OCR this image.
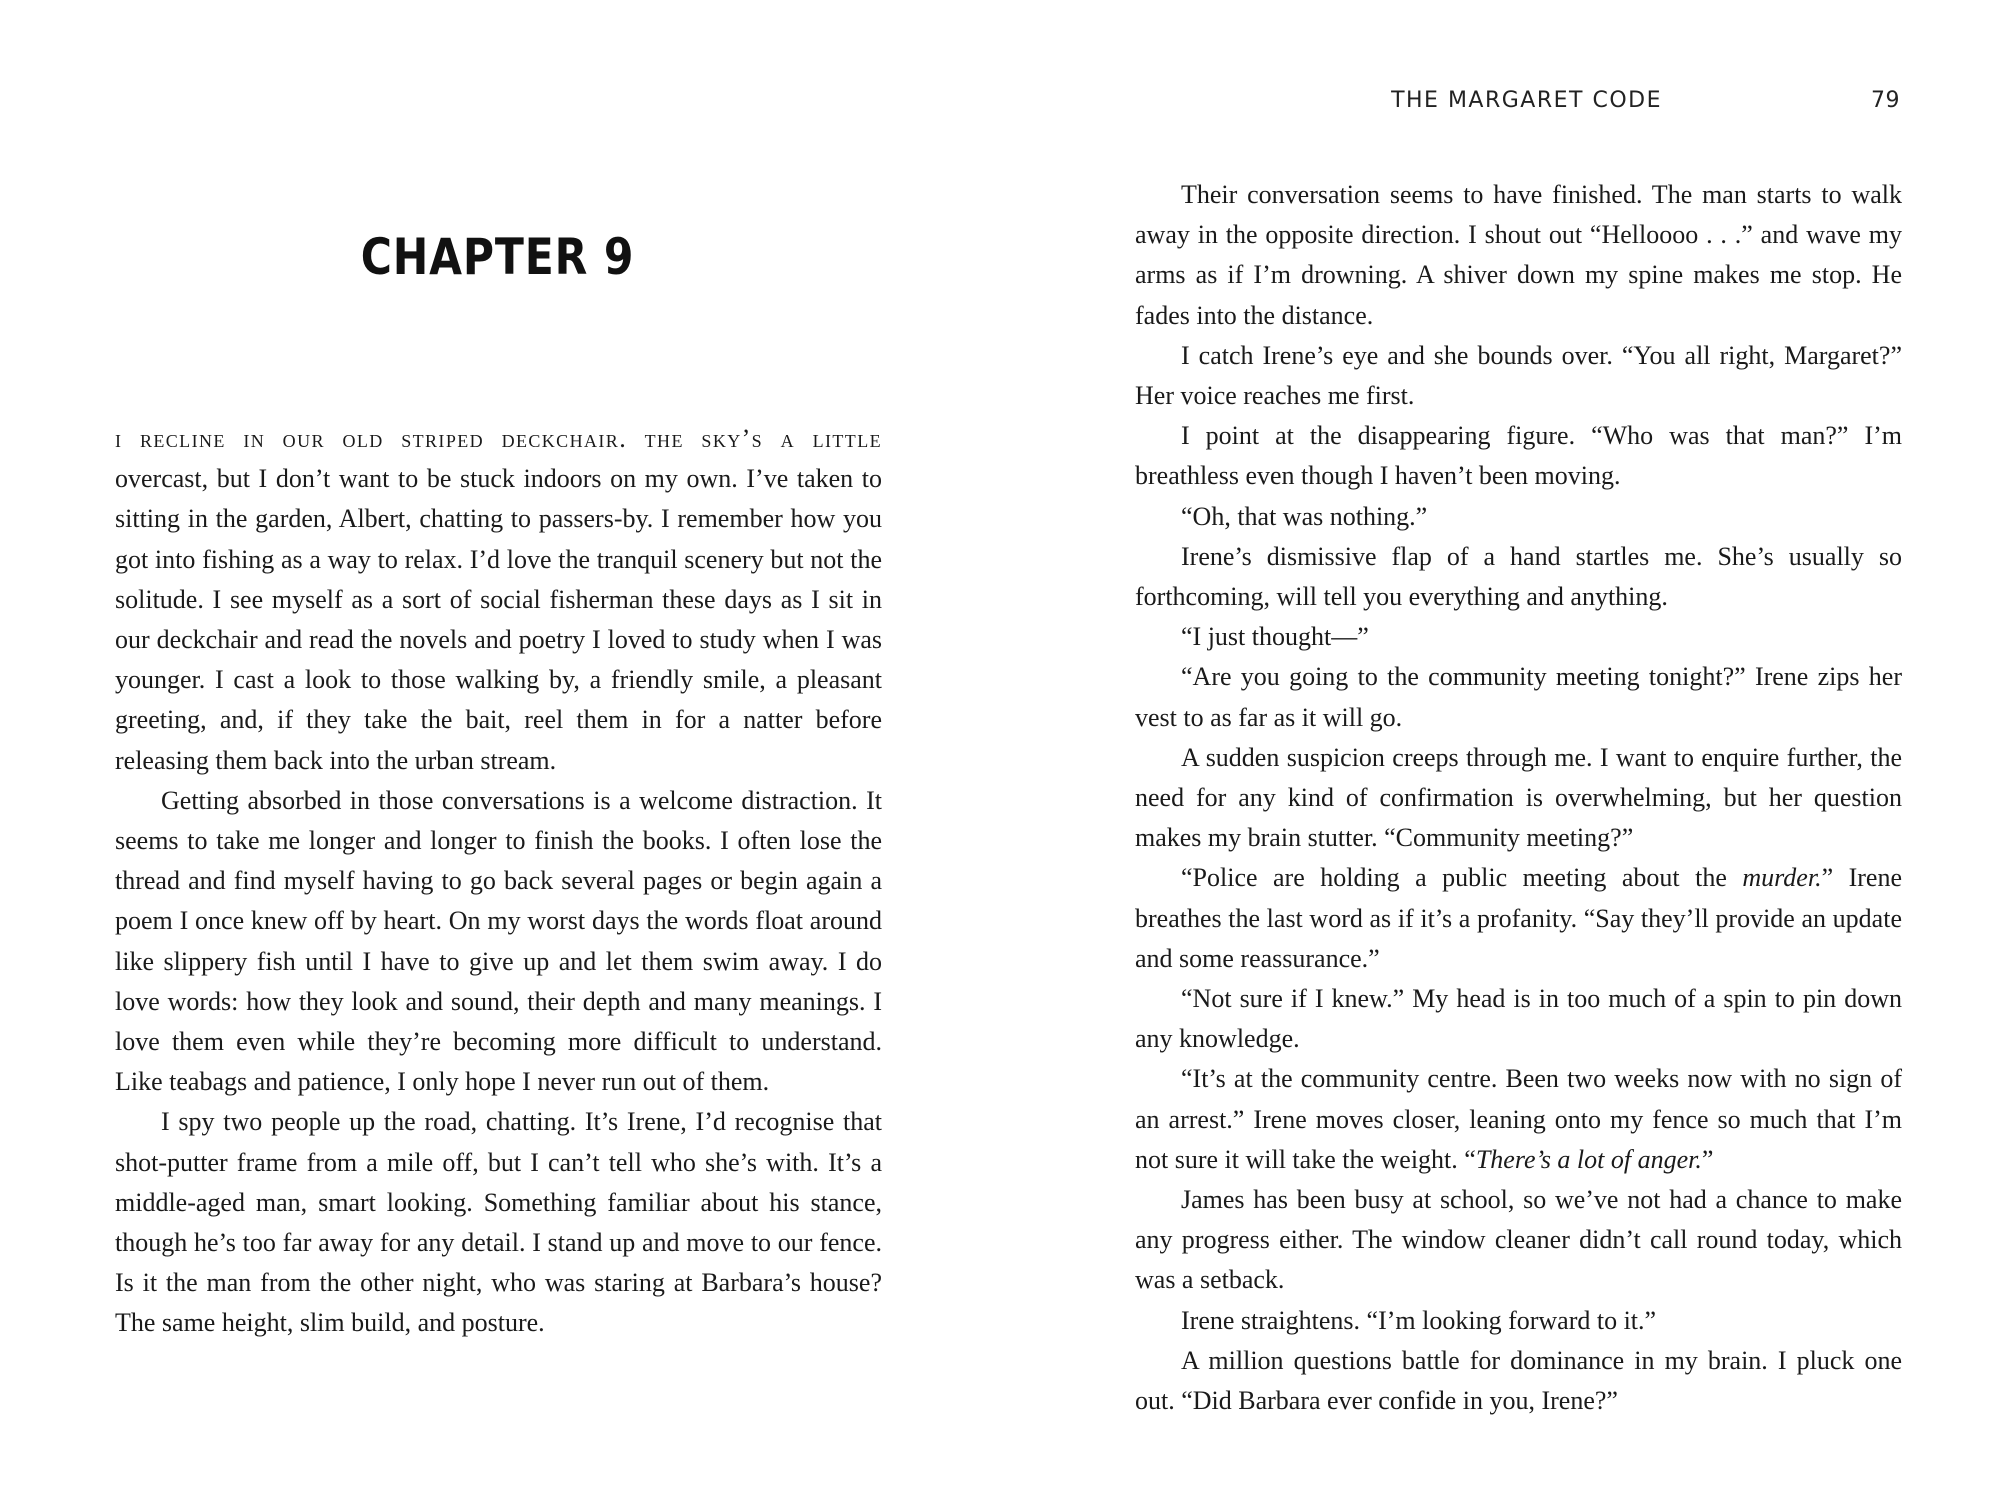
CHAPTER 9

i recline in our old striped deckchair. the sky’s a little overcast, but I don’t want to be stuck indoors on my own. I’ve taken to sitting in the garden, Albert, chatting to passers-by. I remember how you got into fishing as a way to relax. I’d love the tranquil scenery but not the solitude. I see myself as a sort of social fisherman these days as I sit in our deckchair and read the novels and poetry I loved to study when I was younger. I cast a look to those walking by, a friendly smile, a pleasant greeting, and, if they take the bait, reel them in for a natter before releasing them back into the urban stream.

Getting absorbed in those conversations is a welcome distraction. It seems to take me longer and longer to finish the books. I often lose the thread and find myself having to go back several pages or begin again a poem I once knew off by heart. On my worst days the words float around like slippery fish until I have to give up and let them swim away. I do love words: how they look and sound, their depth and many meanings. I love them even while they’re becoming more difficult to understand. Like teabags and patience, I only hope I never run out of them.

I spy two people up the road, chatting. It’s Irene, I’d recognise that shot-putter frame from a mile off, but I can’t tell who she’s with. It’s a middle-aged man, smart looking. Something familiar about his stance, though he’s too far away for any detail. I stand up and move to our fence. Is it the man from the other night, who was staring at Barbara’s house? The same height, slim build, and posture.

THE MARGARET CODE	79

Their conversation seems to have finished. The man starts to walk away in the opposite direction. I shout out “Helloooo . . .” and wave my arms as if I’m drowning. A shiver down my spine makes me stop. He fades into the distance.

I catch Irene’s eye and she bounds over. “You all right, Margaret?” Her voice reaches me first.

I point at the disappearing figure. “Who was that man?” I’m breathless even though I haven’t been moving.

“Oh, that was nothing.”

Irene’s dismissive flap of a hand startles me. She’s usually so forthcoming, will tell you everything and anything.

“I just thought—”

“Are you going to the community meeting tonight?” Irene zips her vest to as far as it will go.

A sudden suspicion creeps through me. I want to enquire further, the need for any kind of confirmation is overwhelming, but her question makes my brain stutter. “Community meeting?”

“Police are holding a public meeting about the murder.” Irene breathes the last word as if it’s a profanity. “Say they’ll provide an update and some reassurance.”

“Not sure if I knew.” My head is in too much of a spin to pin down any knowledge.

“It’s at the community centre. Been two weeks now with no sign of an arrest.” Irene moves closer, leaning onto my fence so much that I’m not sure it will take the weight. “There’s a lot of anger.”

James has been busy at school, so we’ve not had a chance to make any progress either. The window cleaner didn’t call round today, which was a setback.

Irene straightens. “I’m looking forward to it.”

A million questions battle for dominance in my brain. I pluck one out. “Did Barbara ever confide in you, Irene?”
